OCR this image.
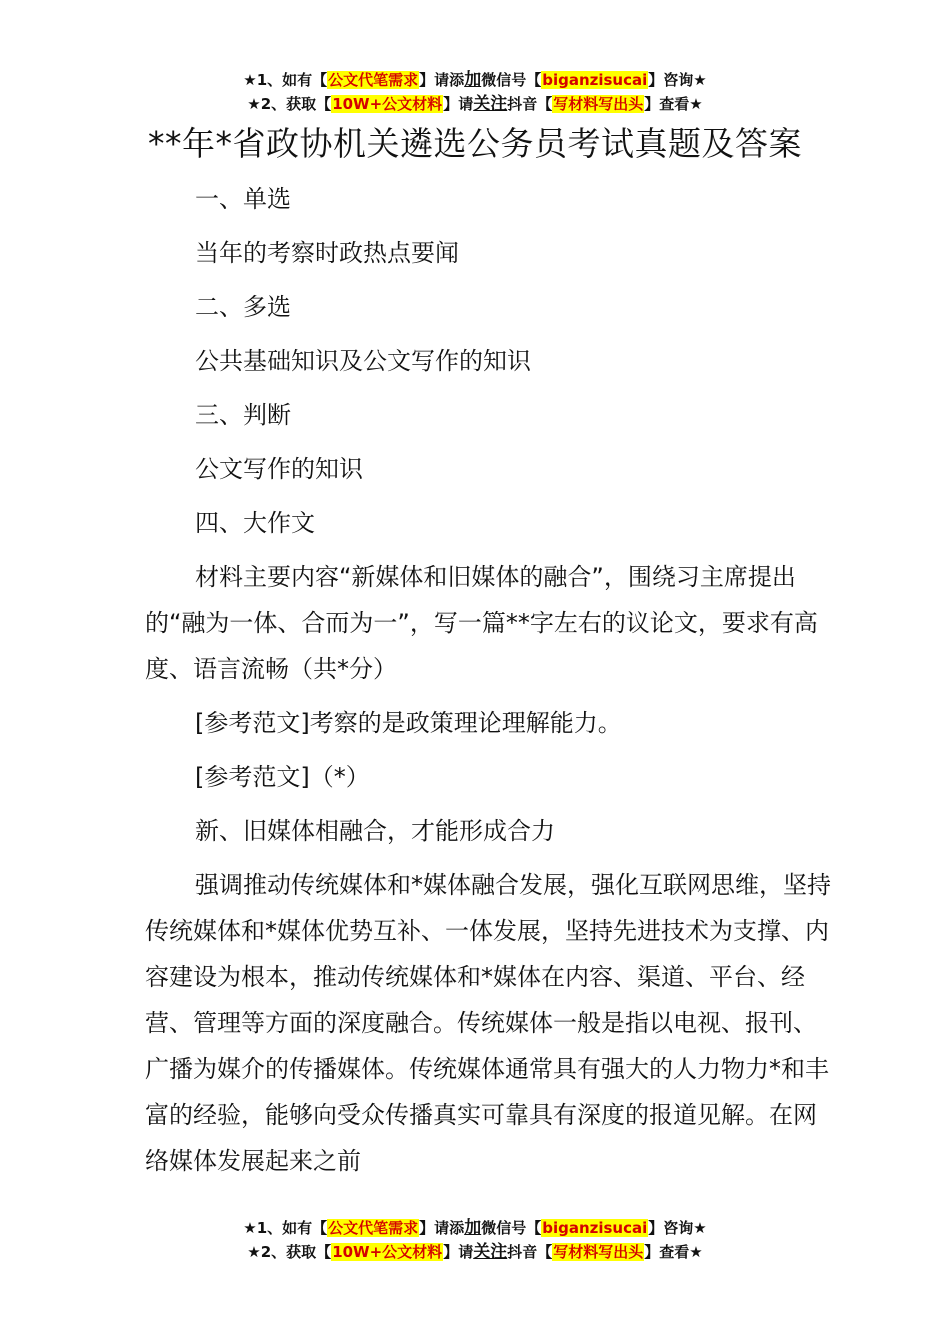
★1、如有【公文代笔需求】请添加微信号【biganzisucai】咨询★
★2、获取【10W+公文材料】请关注抖音【写材料写出头】查看★
**年*省政协机关遴选公务员考试真题及答案

一、单选

当年的考察时政热点要闻

二、多选

公共基础知识及公文写作的知识

三、判断

公文写作的知识

四、大作文

材料主要内容“新媒体和旧媒体的融合”，围绕习主席提出的“融为一体、合而为一”，写一篇**字左右的议论文，要求有高度、语言流畅（共*分）

[参考范文]考察的是政策理论理解能力。

[参考范文]（*）

新、旧媒体相融合，才能形成合力

强调推动传统媒体和*媒体融合发展，强化互联网思维，坚持传统媒体和*媒体优势互补、一体发展，坚持先进技术为支撑、内容建设为根本，推动传统媒体和*媒体在内容、渠道、平台、经营、管理等方面的深度融合。传统媒体一般是指以电视、报刊、广播为媒介的传播媒体。传统媒体通常具有强大的人力物力*和丰富的经验，能够向受众传播真实可靠具有深度的报道见解。在网络媒体发展起来之前

★1、如有【公文代笔需求】请添加微信号【biganzisucai】咨询★
★2、获取【10W+公文材料】请关注抖音【写材料写出头】查看★
